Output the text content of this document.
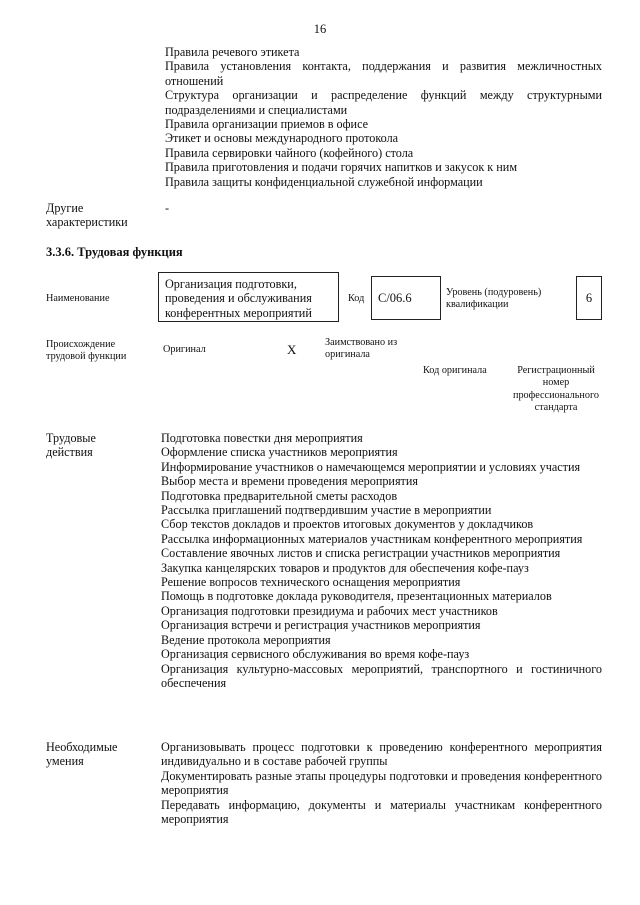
16

Правила речевого этикета

Правила установления контакта, поддержания и развития межличностных отношений

Структура организации и распределение функций между структурными подразделениями и специалистами

Правила организации приемов в офисе

Этикет и основы международного протокола

Правила сервировки чайного (кофейного) стола

Правила приготовления и подачи горячих напитков и закусок к ним

Правила защиты конфиденциальной служебной информации

Другие характеристики
-
3.3.6. Трудовая функция
Наименование
Организация подготовки, проведения и обслуживания конферентных мероприятий
Код	C/06.6	Уровень (подуровень) квалификации	6
Происхождение трудовой функции
Оригинал	X	Заимствовано из оригинала
Код оригинала	Регистрационный номер профессионального стандарта
Трудовые действия

Подготовка повестки дня мероприятия

Оформление списка участников мероприятия

Информирование участников о намечающемся мероприятии и условиях участия

Выбор места и времени проведения мероприятия

Подготовка предварительной сметы расходов

Рассылка приглашений подтвердившим участие в мероприятии

Сбор текстов докладов и проектов итоговых документов у докладчиков

Рассылка информационных материалов участникам конферентного мероприятия

Составление явочных листов и списка регистрации участников мероприятия

Закупка канцелярских товаров и продуктов для обеспечения кофе-пауз

Решение вопросов технического оснащения мероприятия

Помощь в подготовке доклада руководителя, презентационных материалов

Организация подготовки президиума и рабочих мест участников

Организация встречи и регистрация участников мероприятия

Ведение протокола мероприятия

Организация сервисного обслуживания во время кофе-пауз

Организация культурно-массовых мероприятий, транспортного и гостиничного обеспечения

Необходимые умения

Организовывать процесс подготовки к проведению конферентного мероприятия индивидуально и в составе рабочей группы

Документировать разные этапы процедуры подготовки и проведения конферентного мероприятия

Передавать информацию, документы и материалы участникам конферентного мероприятия
